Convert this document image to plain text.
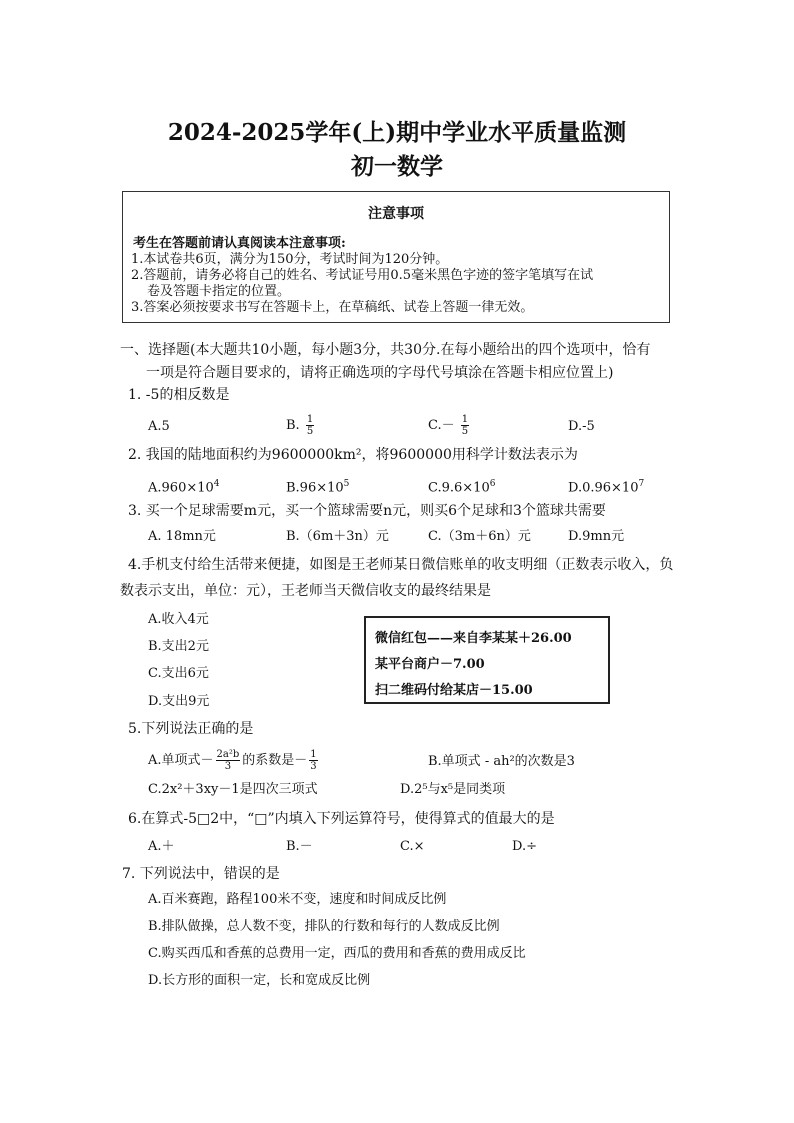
2024-2025学年(上)期中学业水平质量监测
初一数学
注意事项
考生在答题前请认真阅读本注意事项:
1.本试卷共6页，满分为150分，考试时间为120分钟。
2.答题前，请务必将自己的姓名、考试证号用0.5毫米黑色字迹的签字笔填写在试
卷及答题卡指定的位置。
3.答案必须按要求书写在答题卡上，在草稿纸、试卷上答题一律无效。
一、选择题(本大题共10小题，每小题3分，共30分.在每小题给出的四个选项中，恰有
一项是符合题目要求的，请将正确选项的字母代号填涂在答题卡相应位置上)
1. -5的相反数是
A.5	B. $\frac{1}{5}$	$C.- \frac{1}{5}$	D.-5
2. 我国的陆地面积约为9600000km²，将9600000用科学计数法表示为
$A.960\times 10^4$	$B.96\times 10^5$	$C.9.6\times 10^6$	$D.0.96\times 10^7$
3. 买一个足球需要m元，买一个篮球需要n元，则买6个足球和3个篮球共需要
A. 18mn元	B.（6m＋3n）元	C.（3m＋6n）元	D.9mn元
4.手机支付给生活带来便捷，如图是王老师某日微信账单的收支明细（正数表示收入，负
数表示支出，单位：元），王老师当天微信收支的最终结果是
A.收入4元
B.支出2元
C.支出6元
D.支出9元
微信红包——来自李某某＋26.00
某平台商户－7.00
扫二维码付给某店－15.00
5.下列说法正确的是
A.单项式－ $\frac{\text{2a²b}}{3}$ 的系数是－ $\frac{1}{3}$	B.单项式 - ah²的次数是3
C.2x²＋3xy－1是四次三项式	D.2⁵与x⁵是同类项
6.在算式-5□2中，“□”内填入下列运算符号，使得算式的值最大的是
A.＋	B.－	C.×	D.÷
7. 下列说法中，错误的是
A.百米赛跑，路程100米不变，速度和时间成反比例
B.排队做操，总人数不变，排队的行数和每行的人数成反比例
C.购买西瓜和香蕉的总费用一定，西瓜的费用和香蕉的费用成反比
D.长方形的面积一定，长和宽成反比例
